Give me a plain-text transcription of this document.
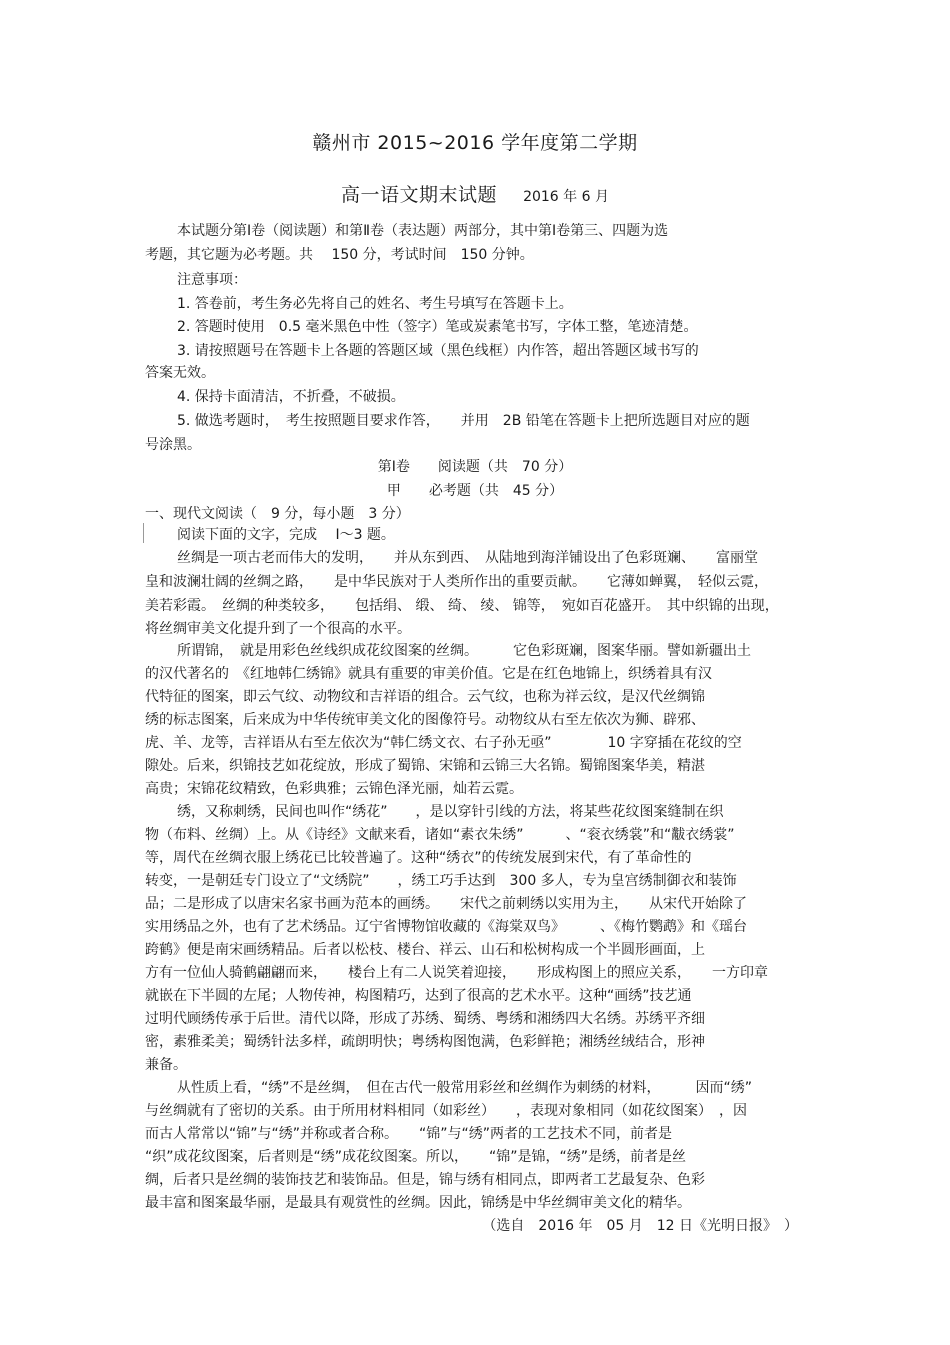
赣州市 2015~2016 学年度第二学期
高一语文期末试题 2016 年 6 月
本试题分第Ⅰ卷（阅读题）和第Ⅱ卷（表达题）两部分，其中第Ⅰ卷第三、四题为选
考题，其它题为必考题。共　 150 分，考试时间　150 分钟。
注意事项：
1. 答卷前，考生务必先将自己的姓名、考生号填写在答题卡上。
2. 答题时使用　0.5 毫米黑色中性（签字）笔或炭素笔书写，字体工整，笔迹清楚。
3. 请按照题号在答题卡上各题的答题区域（黑色线框）内作答，超出答题区域书写的
答案无效。
4. 保持卡面清洁，不折叠，不破损。
5. 做选考题时，　考生按照题目要求作答，　　并用　2B 铅笔在答题卡上把所选题目对应的题
号涂黑。
第Ⅰ卷　　阅读题（共　70 分）
甲　　必考题（共　45 分）
一、现代文阅读（　9 分，每小题　3 分）
阅读下面的文字，完成　 Ⅰ～3 题。
丝绸是一项古老而伟大的发明，　　并从东到西、　从陆地到海洋铺设出了色彩斑斓、　　富丽堂
皇和波澜壮阔的丝绸之路，　　是中华民族对于人类所作出的重要贡献。　　它薄如蝉翼，　轻似云霓，
美若彩霞。　丝绸的种类较多，　　包括绢、 缎、 绮、 绫、 锦等，　宛如百花盛开。　其中织锦的出现，
将丝绸审美文化提升到了一个很高的水平。
所谓锦，　就是用彩色丝线织成花纹图案的丝绸。　　　它色彩斑斓，图案华丽。譬如新疆出土
的汉代著名的　《红地韩仁绣锦》就具有重要的审美价值。它是在红色地锦上，织绣着具有汉
代特征的图案，即云气纹、动物纹和吉祥语的组合。云气纹，也称为祥云纹，是汉代丝绸锦
绣的标志图案，后来成为中华传统审美文化的图像符号。动物纹从右至左依次为狮、辟邪、
虎、羊、龙等，吉祥语从右至左依次为“韩仁绣文衣、右子孙无亟”　　　　10 字穿插在花纹的空
隙处。后来，织锦技艺如花绽放，形成了蜀锦、宋锦和云锦三大名锦。蜀锦图案华美，精湛
高贵；宋锦花纹精致，色彩典雅；云锦色泽光丽，灿若云霓。
绣，又称刺绣，民间也叫作“绣花”　　，是以穿针引线的方法，将某些花纹图案缝制在织
物（布料、丝绸）上。从《诗经》文献来看，诸如“素衣朱绣”　　　、“衮衣绣裳”和“黻衣绣裳”
等，周代在丝绸衣服上绣花已比较普遍了。这种“绣衣”的传统发展到宋代，有了革命性的
转变，一是朝廷专门设立了“文绣院”　　，绣工巧手达到　300 多人，专为皇宫绣制御衣和装饰
品；二是形成了以唐宋名家书画为范本的画绣。　　宋代之前刺绣以实用为主，　　从宋代开始除了
实用绣品之外，也有了艺术绣品。辽宁省博物馆收藏的《海棠双鸟》　　　、《梅竹鹦鹉》和《瑶台
跨鹤》便是南宋画绣精品。后者以松枝、楼台、祥云、山石和松树构成一个半圆形画面，上
方有一位仙人骑鹤翩翩而来，　　楼台上有二人说笑着迎接，　　形成构图上的照应关系，　　一方印章
就嵌在下半圆的左尾；人物传神，构图精巧，达到了很高的艺术水平。这种“画绣”技艺通
过明代顾绣传承于后世。清代以降，形成了苏绣、蜀绣、粤绣和湘绣四大名绣。苏绣平齐细
密，素雅柔美；蜀绣针法多样，疏朗明快；粤绣构图饱满，色彩鲜艳；湘绣丝绒结合，形神
兼备。
从性质上看，“绣”不是丝绸，　但在古代一般常用彩丝和丝绸作为刺绣的材料，　　　因而“绣”
与丝绸就有了密切的关系。由于所用材料相同（如彩丝）　　，表现对象相同（如花纹图案）　，因
而古人常常以“锦”与“绣”并称或者合称。　　“锦”与“绣”两者的工艺技术不同，前者是
“织”成花纹图案，后者则是“绣”成花纹图案。所以，　　“锦”是锦，“绣”是绣，前者是丝
绸，后者只是丝绸的装饰技艺和装饰品。但是，锦与绣有相同点，即两者工艺最复杂、色彩
最丰富和图案最华丽，是最具有观赏性的丝绸。因此，锦绣是中华丝绸审美文化的精华。
（选自　2016 年　05 月　12 日《光明日报》　）
